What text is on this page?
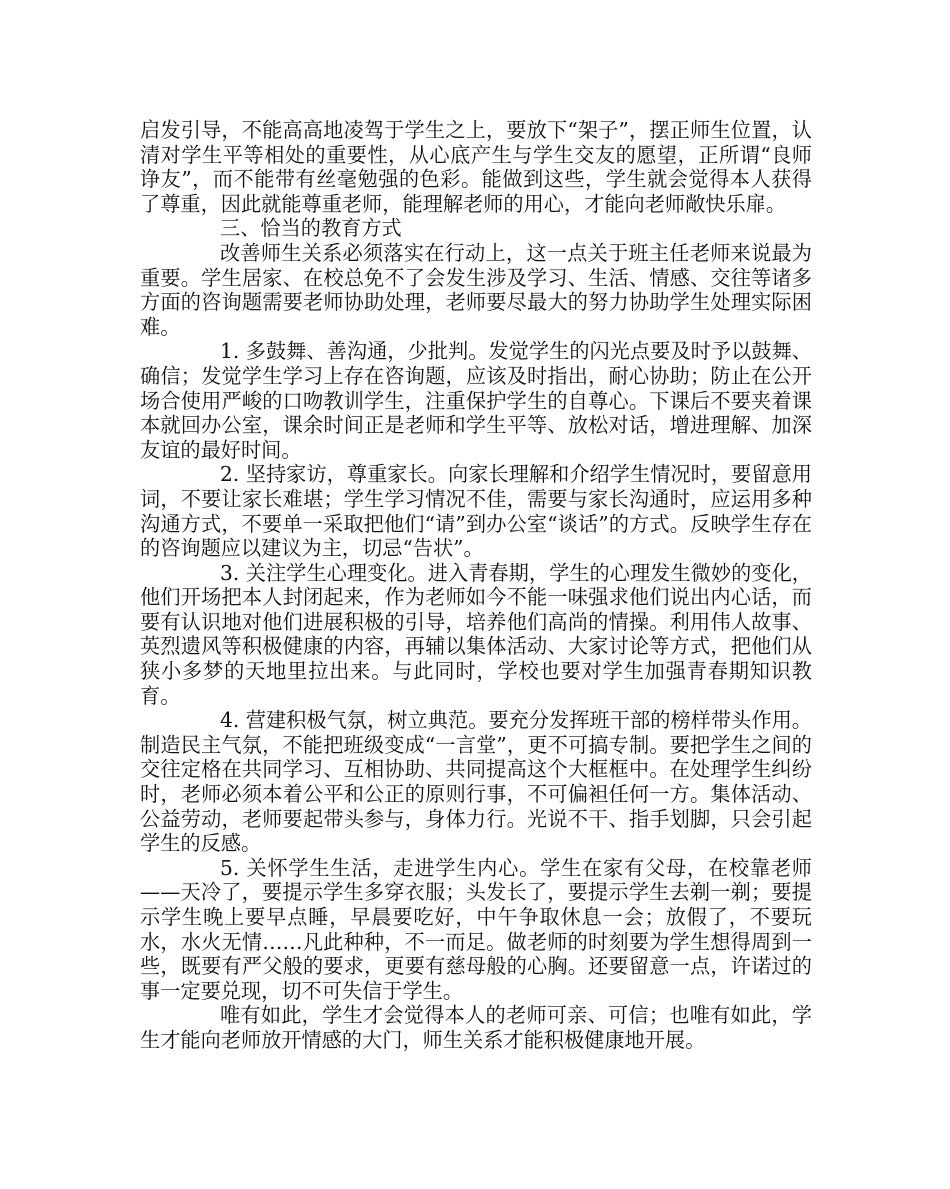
启发引导，不能高高地凌驾于学生之上，要放下“架子”，摆正师生位置，认清对学生平等相处的重要性，从心底产生与学生交友的愿望，正所谓“良师诤友”，而不能带有丝毫勉强的色彩。能做到这些，学生就会觉得本人获得了尊重，因此就能尊重老师，能理解老师的用心，才能向老师敞快乐扉。

三、恰当的教育方式

改善师生关系必须落实在行动上，这一点关于班主任老师来说最为重要。学生居家、在校总免不了会发生涉及学习、生活、情感、交往等诸多方面的咨询题需要老师协助处理，老师要尽最大的努力协助学生处理实际困难。

1. 多鼓舞、善沟通，少批判。发觉学生的闪光点要及时予以鼓舞、确信；发觉学生学习上存在咨询题，应该及时指出，耐心协助；防止在公开场合使用严峻的口吻教训学生，注重保护学生的自尊心。下课后不要夹着课本就回办公室，课余时间正是老师和学生平等、放松对话，增进理解、加深友谊的最好时间。

2. 坚持家访，尊重家长。向家长理解和介绍学生情况时，要留意用词，不要让家长难堪；学生学习情况不佳，需要与家长沟通时，应运用多种沟通方式，不要单一采取把他们“请”到办公室“谈话”的方式。反映学生存在的咨询题应以建议为主，切忌“告状”。

3. 关注学生心理变化。进入青春期，学生的心理发生微妙的变化，他们开场把本人封闭起来，作为老师如今不能一味强求他们说出内心话，而要有认识地对他们进展积极的引导，培养他们高尚的情操。利用伟人故事、英烈遗风等积极健康的内容，再辅以集体活动、大家讨论等方式，把他们从狭小多梦的天地里拉出来。与此同时，学校也要对学生加强青春期知识教育。

4. 营建积极气氛，树立典范。要充分发挥班干部的榜样带头作用。制造民主气氛，不能把班级变成“一言堂”，更不可搞专制。要把学生之间的交往定格在共同学习、互相协助、共同提高这个大框框中。在处理学生纠纷时，老师必须本着公平和公正的原则行事，不可偏袒任何一方。集体活动、公益劳动，老师要起带头参与，身体力行。光说不干、指手划脚，只会引起学生的反感。

5. 关怀学生生活，走进学生内心。学生在家有父母，在校靠老师——天冷了，要提示学生多穿衣服；头发长了，要提示学生去剃一剃；要提示学生晚上要早点睡，早晨要吃好，中午争取休息一会；放假了，不要玩水，水火无情……凡此种种，不一而足。做老师的时刻要为学生想得周到一些，既要有严父般的要求，更要有慈母般的心胸。还要留意一点，许诺过的事一定要兑现，切不可失信于学生。

唯有如此，学生才会觉得本人的老师可亲、可信；也唯有如此，学生才能向老师放开情感的大门，师生关系才能积极健康地开展。
